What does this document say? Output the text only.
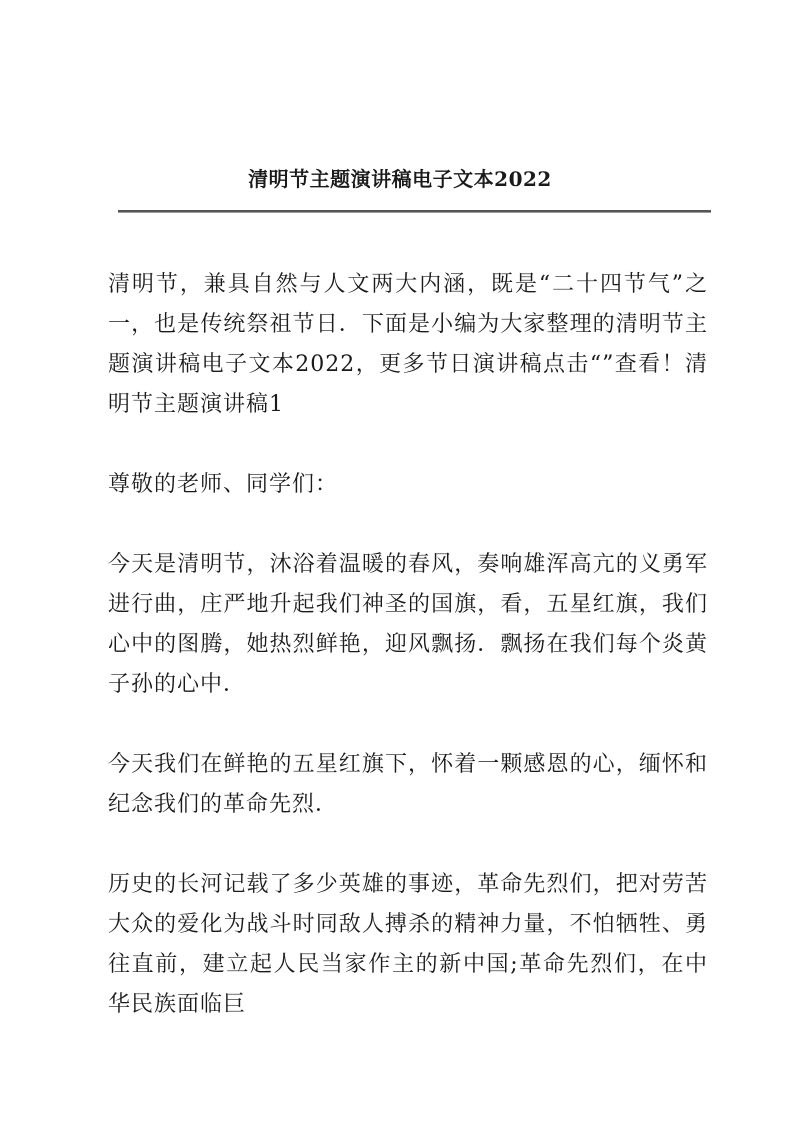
清明节主题演讲稿电子文本2022

清明节，兼具自然与人文两大内涵，既是“二十四节气”之一，也是传统祭祖节日．下面是小编为大家整理的清明节主题演讲稿电子文本2022，更多节日演讲稿点击“”查看！清明节主题演讲稿1

尊敬的老师、同学们：

今天是清明节，沐浴着温暖的春风，奏响雄浑高亢的义勇军进行曲，庄严地升起我们神圣的国旗，看，五星红旗，我们心中的图腾，她热烈鲜艳，迎风飘扬．飘扬在我们每个炎黄子孙的心中．

今天我们在鲜艳的五星红旗下，怀着一颗感恩的心，缅怀和纪念我们的革命先烈．

历史的长河记载了多少英雄的事迹，革命先烈们，把对劳苦大众的爱化为战斗时同敌人搏杀的精神力量，不怕牺牲、勇往直前，建立起人民当家作主的新中国;革命先烈们，在中华民族面临巨
